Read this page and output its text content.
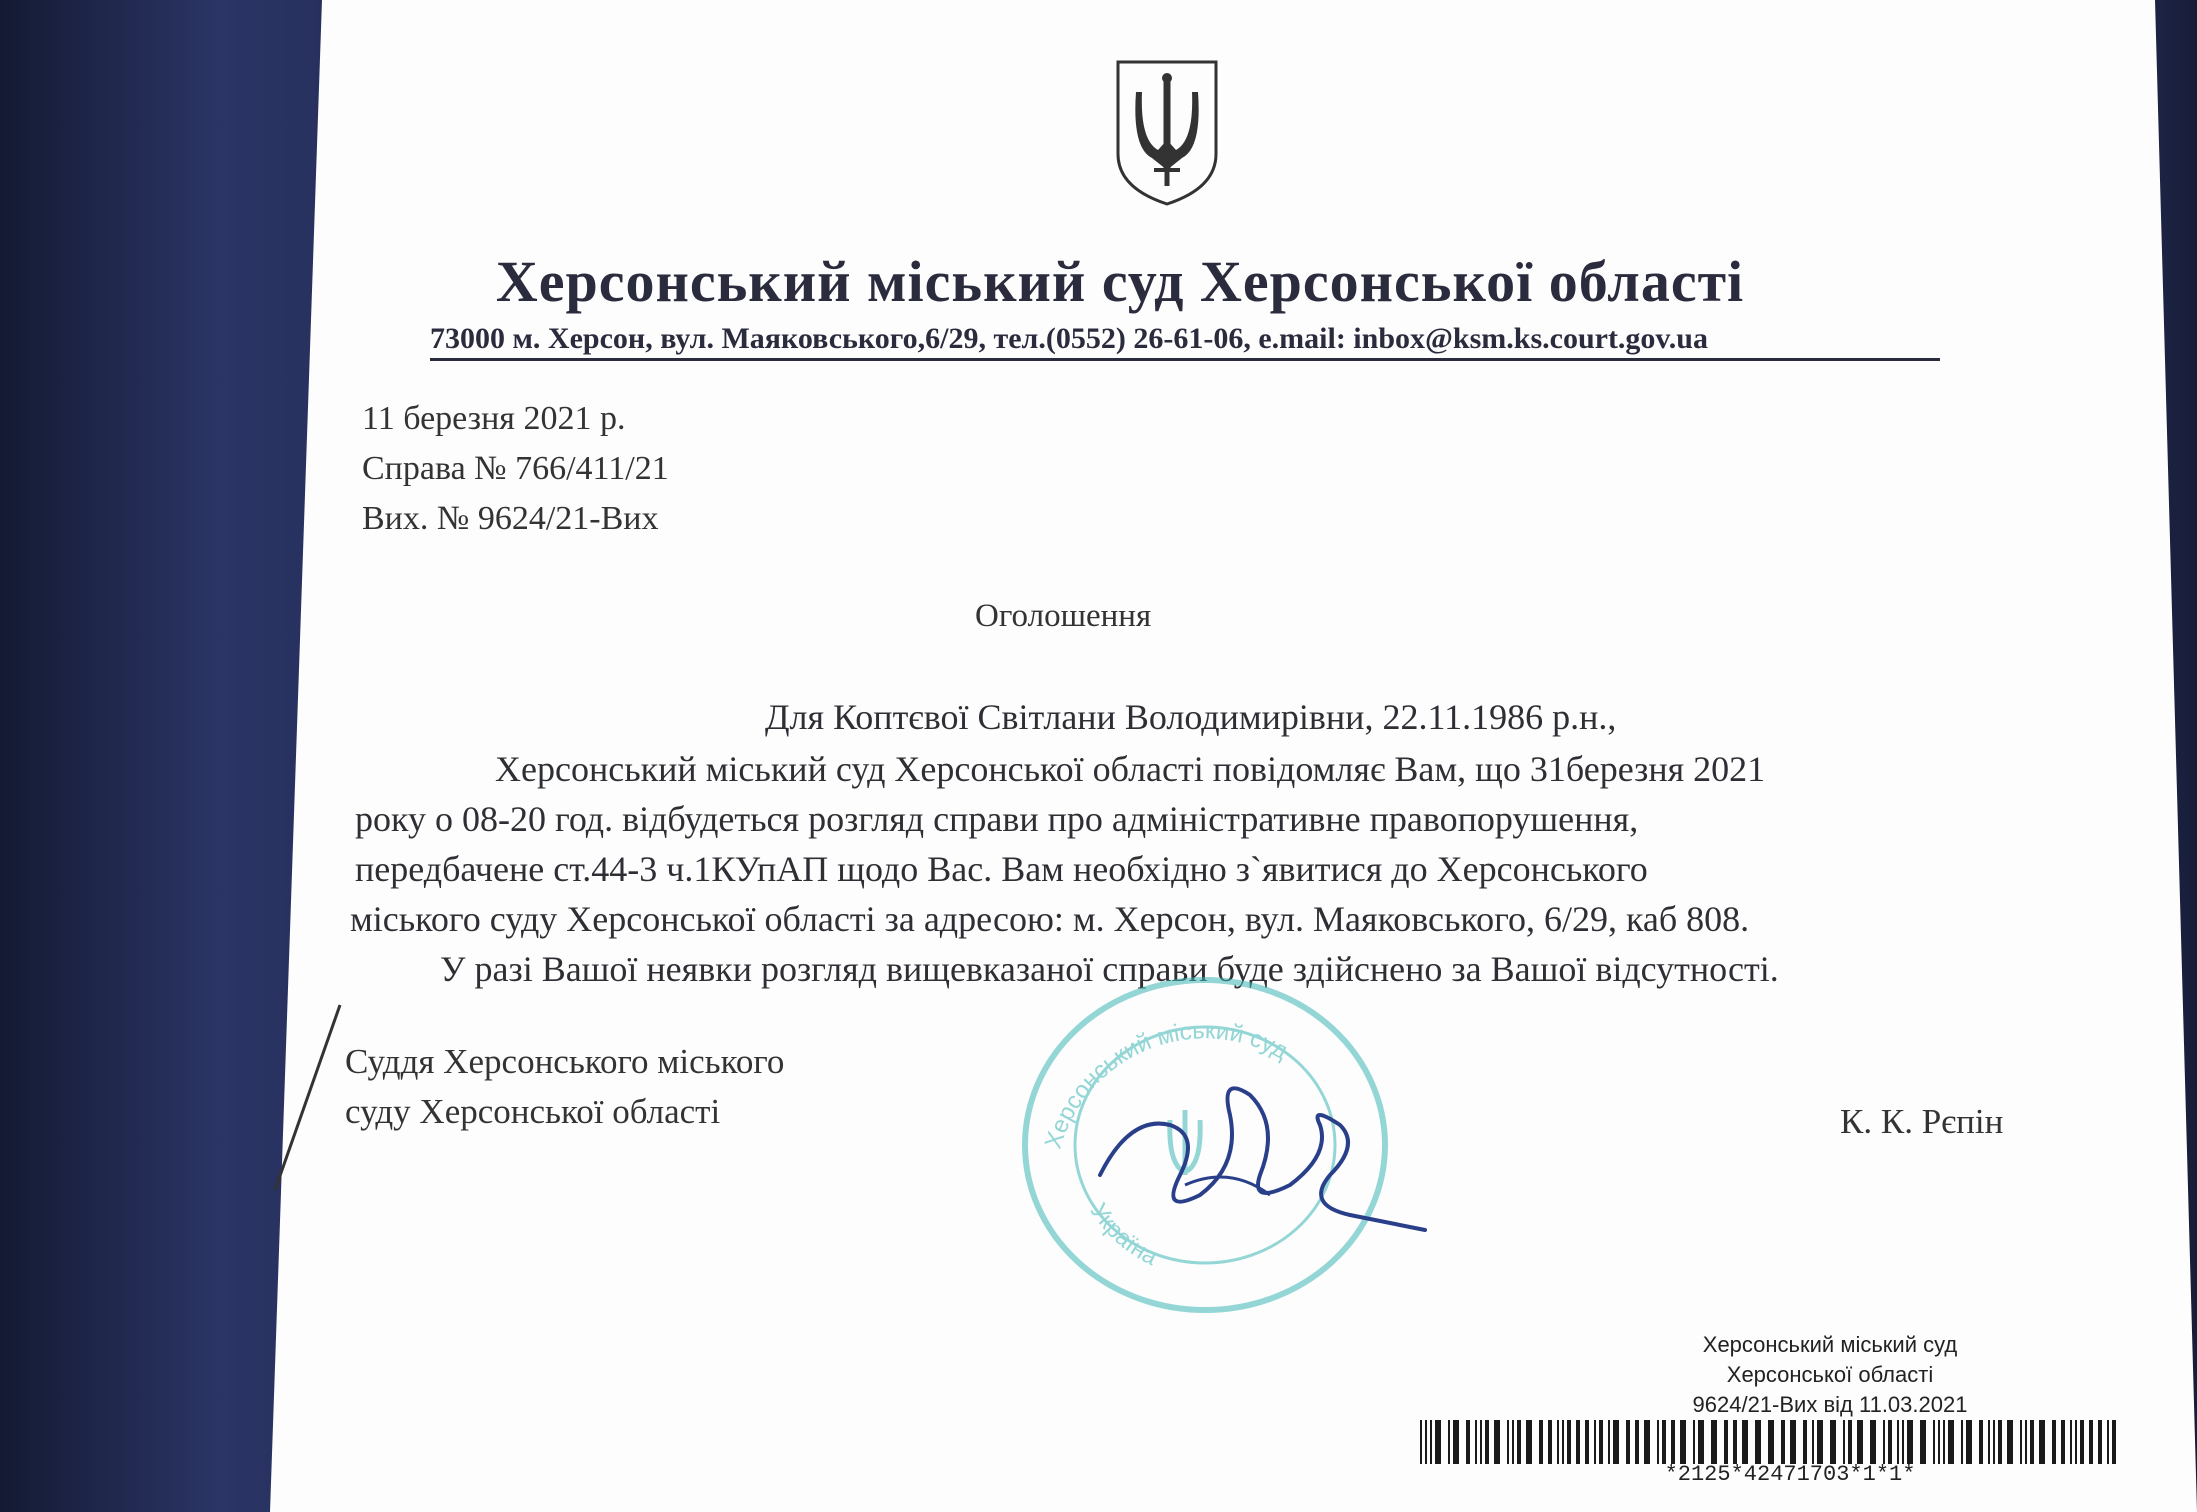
Херсонський міський суд Херсонської області
73000 м. Херсон, вул. Маяковського,6/29, тел.(0552) 26-61-06, e.mail: inbox@ksm.ks.court.gov.ua
11 березня 2021 р.
Справа № 766/411/21
Вих. № 9624/21-Вих
Оголошення
Для Коптєвої Світлани Володимирівни, 22.11.1986 р.н.,
Херсонський міський суд Херсонської області повідомляє Вам, що 31березня 2021
року о 08-20 год. відбудеться розгляд справи про адміністративне правопорушення,
передбачене ст.44-3 ч.1КУпАП щодо Вас. Вам необхідно з`явитися до Херсонського
міського суду Херсонської області за адресою: м. Херсон, вул. Маяковського, 6/29, каб 808.
У разі Вашої неявки розгляд вищевказаної справи буде здійснено за Вашої відсутності.
Суддя Херсонського міського
суду Херсонської області	К. К. Рєпін
Херсонський міський суд
Україна
Херсонський міський суд
Херсонської області
9624/21-Вих від 11.03.2021
*2125*42471703*1*1*
